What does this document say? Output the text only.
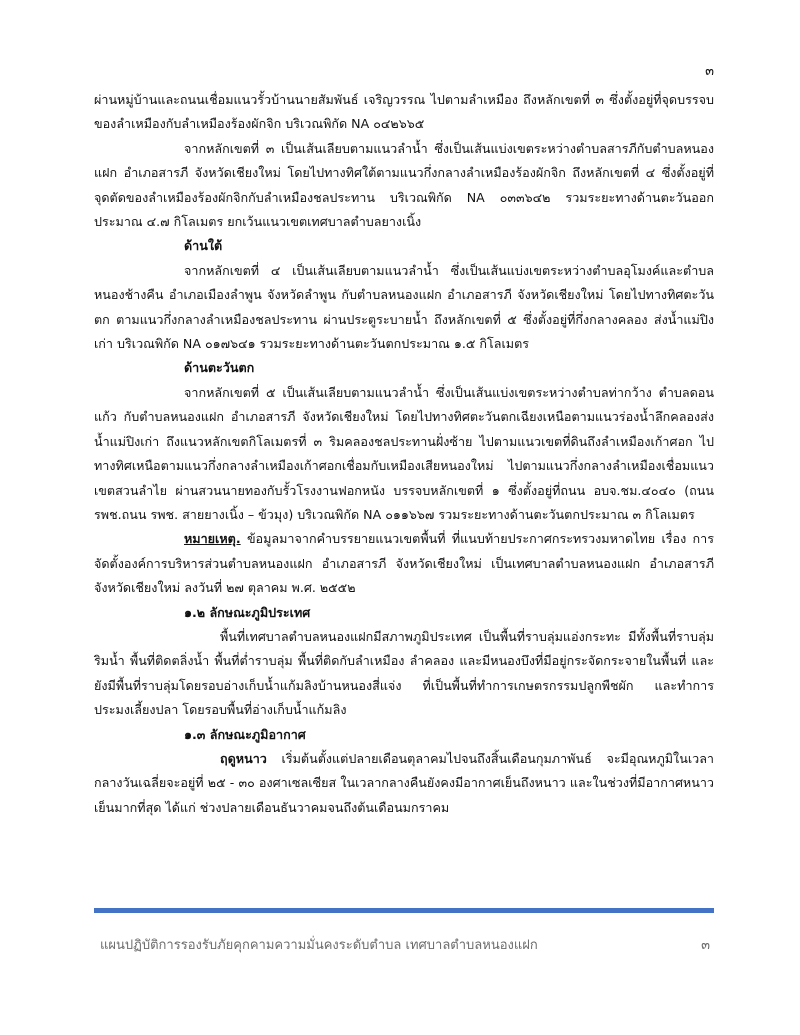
๓

ผ่านหมู่บ้านและถนนเชื่อมแนวรั้วบ้านนายสัมพันธ์ เจริญวรรณ ไปตามลำเหมือง ถึงหลักเขตที่ ๓ ซึ่งตั้งอยู่ที่จุดบรรจบของลำเหมืองกับลำเหมืองร้องผักจิก บริเวณพิกัด NA ๐๔๒๖๖๕

จากหลักเขตที่ ๓ เป็นเส้นเลียบตามแนวลำน้ำ ซึ่งเป็นเส้นแบ่งเขตระหว่างตำบลสารภีกับตำบลหนองแฝก อำเภอสารภี จังหวัดเชียงใหม่ โดยไปทางทิศใต้ตามแนวกึ่งกลางลำเหมืองร้องผักจิก ถึงหลักเขตที่ ๔ ซึ่งตั้งอยู่ที่จุดตัดของลำเหมืองร้องผักจิกกับลำเหมืองชลประทาน บริเวณพิกัด NA ๐๓๓๖๔๒ รวมระยะทางด้านตะวันออกประมาณ ๔.๗ กิโลเมตร ยกเว้นแนวเขตเทศบาลตำบลยางเนิ้ง

ด้านใต้

จากหลักเขตที่ ๔ เป็นเส้นเลียบตามแนวลำน้ำ ซึ่งเป็นเส้นแบ่งเขตระหว่างตำบลอุโมงค์และตำบลหนองช้างคืน อำเภอเมืองลำพูน จังหวัดลำพูน กับตำบลหนองแฝก อำเภอสารภี จังหวัดเชียงใหม่ โดยไปทางทิศตะวันตก ตามแนวกึ่งกลางลำเหมืองชลประทาน ผ่านประตูระบายน้ำ ถึงหลักเขตที่ ๕ ซึ่งตั้งอยู่ที่กึ่งกลางคลอง ส่งน้ำแม่ปิงเก่า บริเวณพิกัด NA ๐๑๗๖๔๑ รวมระยะทางด้านตะวันตกประมาณ ๑.๕ กิโลเมตร

ด้านตะวันตก

จากหลักเขตที่ ๕ เป็นเส้นเลียบตามแนวลำน้ำ ซึ่งเป็นเส้นแบ่งเขตระหว่างตำบลท่ากว้าง ตำบลดอนแก้ว กับตำบลหนองแฝก อำเภอสารภี จังหวัดเชียงใหม่ โดยไปทางทิศตะวันตกเฉียงเหนือตามแนวร่องน้ำลึกคลองส่งน้ำแม่ปิงเก่า ถึงแนวหลักเขตกิโลเมตรที่ ๓ ริมคลองชลประทานฝั่งซ้าย ไปตามแนวเขตที่ดินถึงลำเหมืองเก้าศอก ไปทางทิศเหนือตามแนวกึ่งกลางลำเหมืองเก้าศอกเชื่อมกับเหมืองเสียหนองใหม่ ไปตามแนวกึ่งกลางลำเหมืองเชื่อมแนวเขตสวนลำไย ผ่านสวนนายทองกับรั้วโรงงานฟอกหนัง บรรจบหลักเขตที่ ๑ ซึ่งตั้งอยู่ที่ถนน อบจ.ชม.๔๐๔๐ (ถนน รพช.ถนน รพช. สายยางเนิ้ง – ข้วมุง) บริเวณพิกัด NA ๐๑๑๖๖๗ รวมระยะทางด้านตะวันตกประมาณ ๓ กิโลเมตร

หมายเหตุ. ข้อมูลมาจากคำบรรยายแนวเขตพื้นที่ ที่แนบท้ายประกาศกระทรวงมหาดไทย เรื่อง การจัดตั้งองค์การบริหารส่วนตำบลหนองแฝก อำเภอสารภี จังหวัดเชียงใหม่ เป็นเทศบาลตำบลหนองแฝก อำเภอสารภี จังหวัดเชียงใหม่ ลงวันที่ ๒๗ ตุลาคม พ.ศ. ๒๕๕๒

๑.๒ ลักษณะภูมิประเทศ

พื้นที่เทศบาลตำบลหนองแฝกมีสภาพภูมิประเทศ เป็นพื้นที่ราบลุ่มแอ่งกระทะ มีทั้งพื้นที่ราบลุ่มริมน้ำ พื้นที่ติดตลิ่งน้ำ พื้นที่ต่ำราบลุ่ม พื้นที่ติดกับลำเหมือง ลำคลอง และมีหนองบึงที่มีอยู่กระจัดกระจายในพื้นที่ และยังมีพื้นที่ราบลุ่มโดยรอบอ่างเก็บน้ำแก้มลิงบ้านหนองสี่แจ่ง ที่เป็นพื้นที่ทำการเกษตรกรรมปลูกพืชผัก และทำการประมงเลี้ยงปลา โดยรอบพื้นที่อ่างเก็บน้ำแก้มลิง

๑.๓ ลักษณะภูมิอากาศ

ฤดูหนาว เริ่มต้นตั้งแต่ปลายเดือนตุลาคมไปจนถึงสิ้นเดือนกุมภาพันธ์ จะมีอุณหภูมิในเวลากลางวันเฉลี่ยจะอยู่ที่ ๒๕ - ๓๐ องศาเซลเซียส ในเวลากลางคืนยังคงมีอากาศเย็นถึงหนาว และในช่วงที่มีอากาศหนาวเย็นมากที่สุด ได้แก่ ช่วงปลายเดือนธันวาคมจนถึงต้นเดือนมกราคม

แผนปฏิบัติการรองรับภัยคุกคามความมั่นคงระดับตำบล เทศบาลตำบลหนองแฝก	๓
